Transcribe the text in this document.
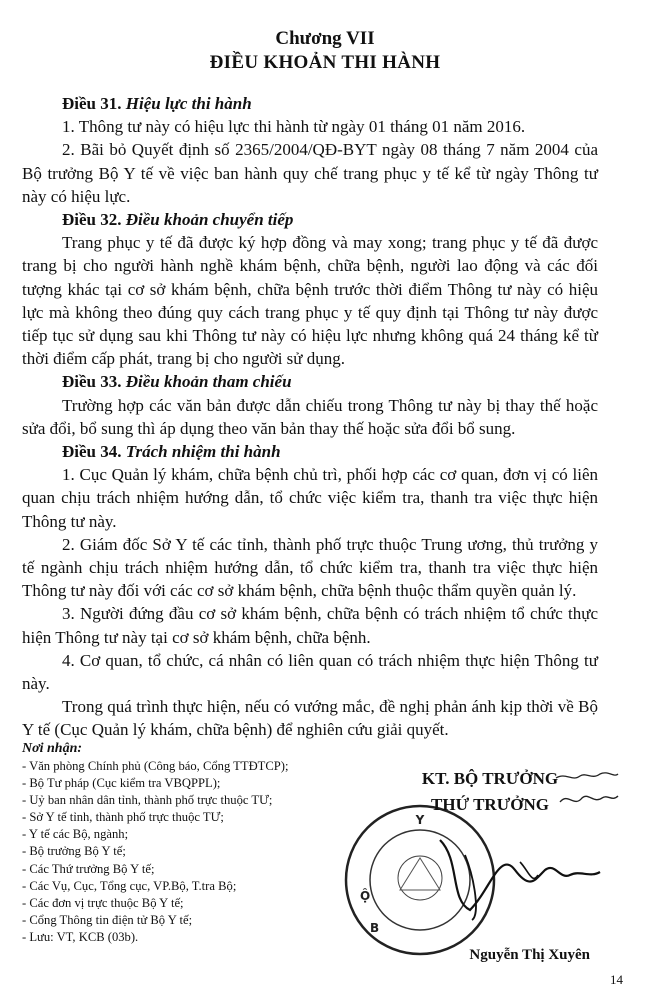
Chương VII
ĐIỀU KHOẢN THI HÀNH

Điều 31. Hiệu lực thi hành

1. Thông tư này có hiệu lực thi hành từ ngày 01 tháng 01 năm 2016.

2. Bãi bỏ Quyết định số 2365/2004/QĐ-BYT ngày 08 tháng 7 năm 2004 của Bộ trưởng Bộ Y tế về việc ban hành quy chế trang phục y tế kể từ ngày Thông tư này có hiệu lực.

Điều 32. Điều khoản chuyển tiếp

Trang phục y tế đã được ký hợp đồng và may xong; trang phục y tế đã được trang bị cho người hành nghề khám bệnh, chữa bệnh, người lao động và các đối tượng khác tại cơ sở khám bệnh, chữa bệnh trước thời điểm Thông tư này có hiệu lực mà không theo đúng quy cách trang phục y tế quy định tại Thông tư này được tiếp tục sử dụng sau khi Thông tư này có hiệu lực nhưng không quá 24 tháng kể từ thời điểm cấp phát, trang bị cho người sử dụng.

Điều 33. Điều khoản tham chiếu

Trường hợp các văn bản được dẫn chiếu trong Thông tư này bị thay thế hoặc sửa đổi, bổ sung thì áp dụng theo văn bản thay thế hoặc sửa đổi bổ sung.

Điều 34. Trách nhiệm thi hành

1. Cục Quản lý khám, chữa bệnh chủ trì, phối hợp các cơ quan, đơn vị có liên quan chịu trách nhiệm hướng dẫn, tổ chức việc kiểm tra, thanh tra việc thực hiện Thông tư này.

2. Giám đốc Sở Y tế các tỉnh, thành phố trực thuộc Trung ương, thủ trưởng y tế ngành chịu trách nhiệm hướng dẫn, tổ chức kiểm tra, thanh tra việc thực hiện Thông tư này đối với các cơ sở khám bệnh, chữa bệnh thuộc thẩm quyền quản lý.

3. Người đứng đầu cơ sở khám bệnh, chữa bệnh có trách nhiệm tổ chức thực hiện Thông tư này tại cơ sở khám bệnh, chữa bệnh.

4. Cơ quan, tổ chức, cá nhân có liên quan có trách nhiệm thực hiện Thông tư này.

Trong quá trình thực hiện, nếu có vướng mắc, đề nghị phản ánh kịp thời về Bộ Y tế (Cục Quản lý khám, chữa bệnh) để nghiên cứu giải quyết.

Nơi nhận:
- Văn phòng Chính phủ (Công báo, Cổng TTĐTCP);
- Bộ Tư pháp (Cục kiểm tra VBQPPL);
- Uỷ ban nhân dân tỉnh, thành phố trực thuộc TƯ;
- Sở Y tế tỉnh, thành phố trực thuộc TƯ;
- Y tế các Bộ, ngành;
- Bộ trưởng Bộ Y tế;
- Các Thứ trưởng Bộ Y tế;
- Các Vụ, Cục, Tổng cục, VP.Bộ, T.tra Bộ;
- Các đơn vị trực thuộc Bộ Y tế;
- Cổng Thông tin điện tử Bộ Y tế;
- Lưu: VT, KCB (03b).
Y
Ộ
B
KT. BỘ TRƯỞNG
THỨ TRƯỞNG
Nguyễn Thị Xuyên
14
